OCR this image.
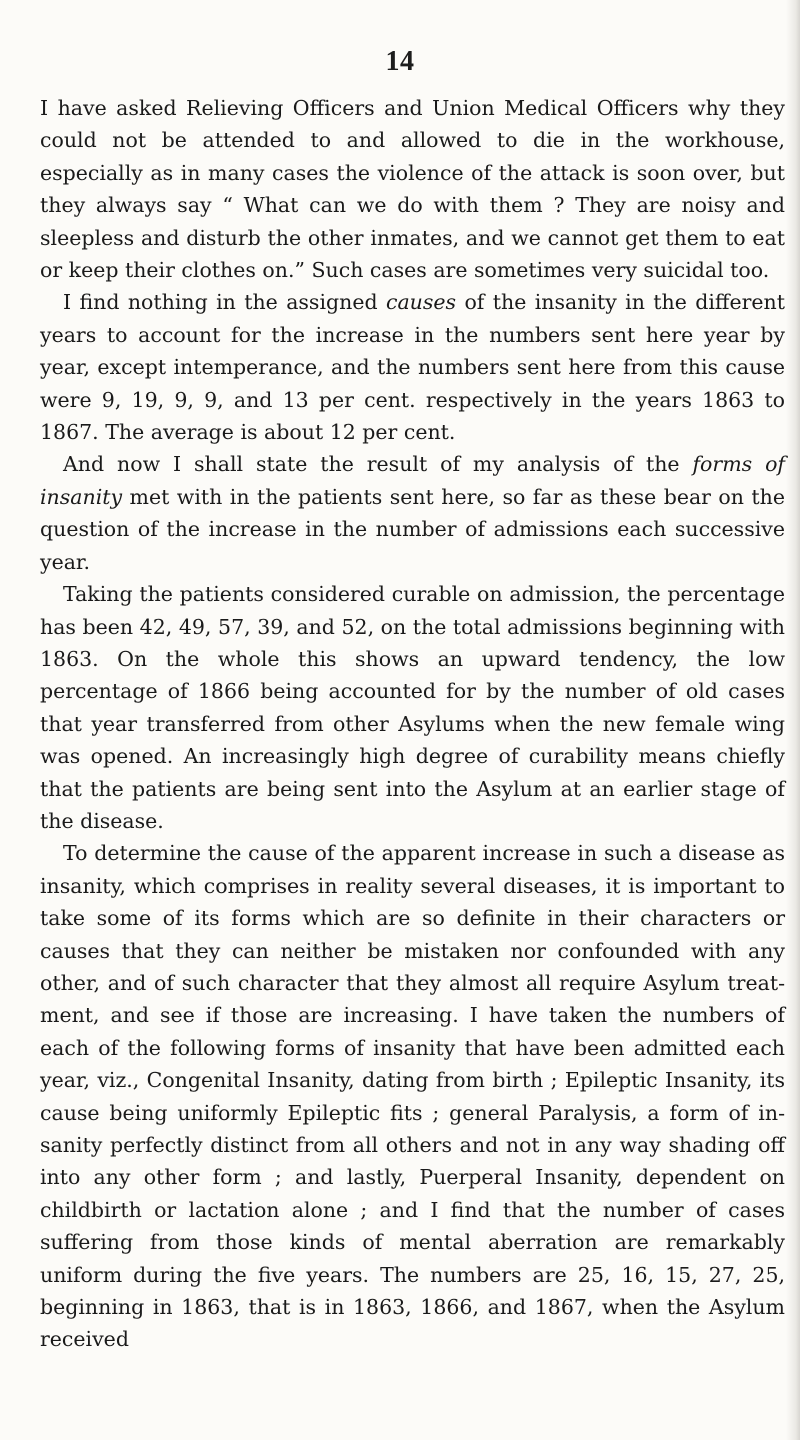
14

I have asked Relieving Officers and Union Medical Officers why they could not be attended to and allowed to die in the workhouse, especially as in many cases the violence of the attack is soon over, but they always say “ What can we do with them ? They are noisy and sleepless and disturb the other inmates, and we cannot get them to eat or keep their clothes on.” Such cases are sometimes very suicidal too.

I find nothing in the assigned causes of the insanity in the different years to account for the increase in the numbers sent here year by year, except intemperance, and the numbers sent here from this cause were 9, 19, 9, 9, and 13 per cent. respectively in the years 1863 to 1867. The average is about 12 per cent.

And now I shall state the result of my analysis of the forms of insanity met with in the patients sent here, so far as these bear on the question of the increase in the number of admissions each successive year.

Taking the patients considered curable on admission, the percentage has been 42, 49, 57, 39, and 52, on the total admissions beginning with 1863. On the whole this shows an upward tendency, the low percentage of 1866 being accounted for by the number of old cases that year transferred from other Asylums when the new female wing was opened. An increasingly high degree of curability means chiefly that the patients are being sent into the Asylum at an earlier stage of the disease.

To determine the cause of the apparent increase in such a disease as insanity, which comprises in reality several diseases, it is important to take some of its forms which are so definite in their characters or causes that they can neither be mistaken nor confounded with any other, and of such character that they almost all require Asylum treatment, and see if those are increasing. I have taken the numbers of each of the following forms of insanity that have been admitted each year, viz., Congenital Insanity, dating from birth ; Epileptic Insanity, its cause being uniformly Epileptic fits ; general Paralysis, a form of insanity perfectly distinct from all others and not in any way shading off into any other form ; and lastly, Puerperal Insanity, dependent on childbirth or lactation alone ; and I find that the number of cases suffering from those kinds of mental aberration are remarkably uniform during the five years. The numbers are 25, 16, 15, 27, 25, beginning in 1863, that is in 1863, 1866, and 1867, when the Asylum received
